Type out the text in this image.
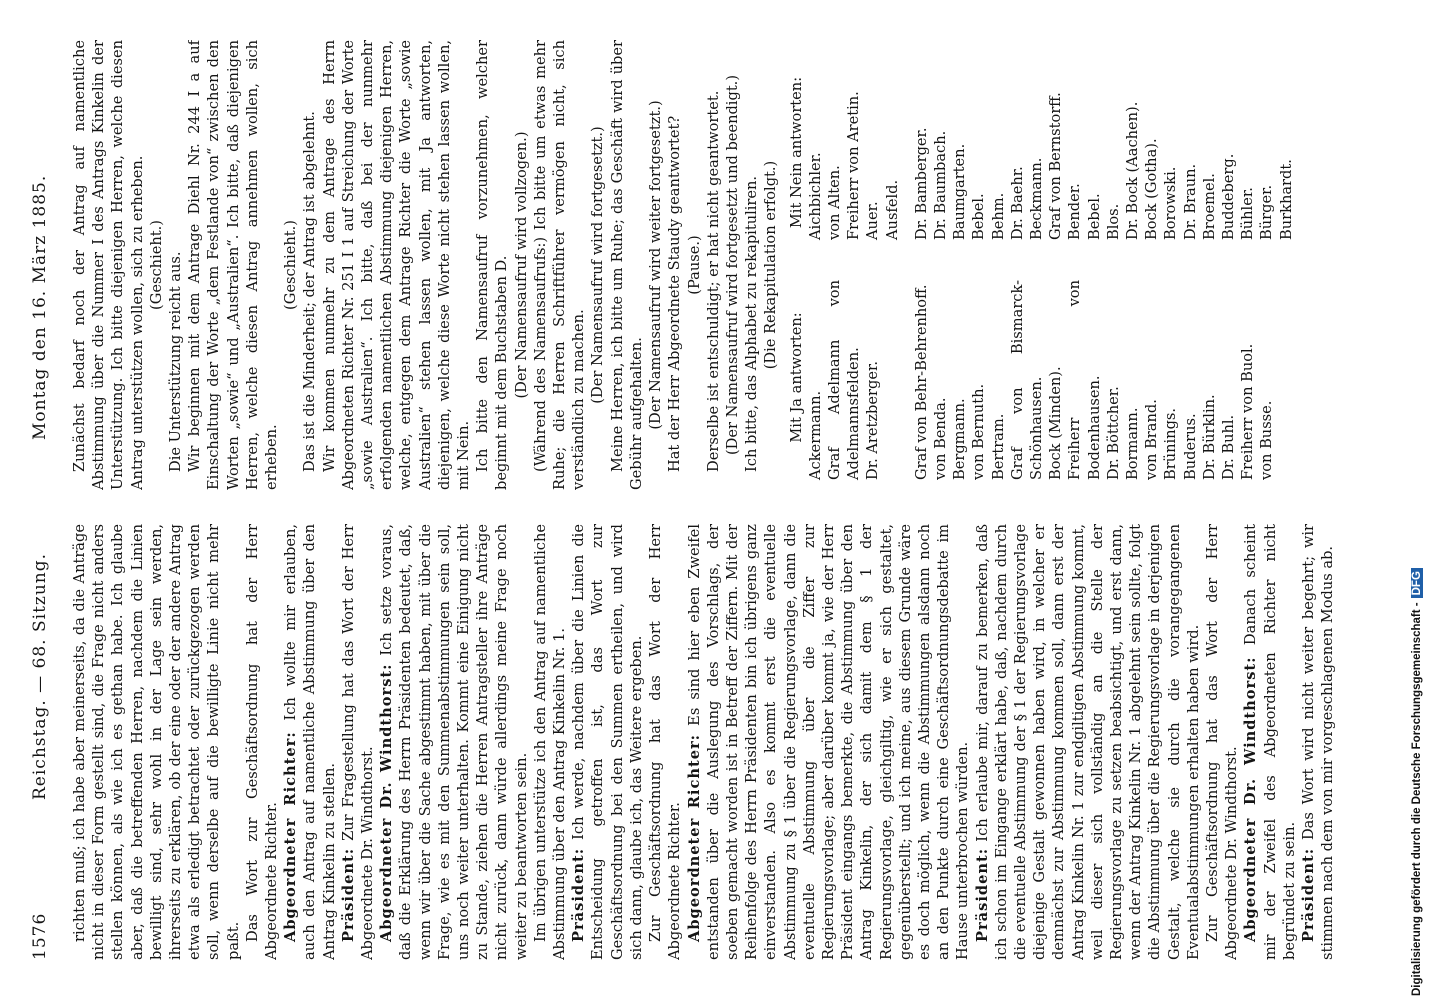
1576
Reichstag. — 68. Sitzung.
Montag den 16. März 1885.

richten muß; ich habe aber meinerseits, da die Anträge nicht in dieser Form gestellt sind, die Frage nicht anders stellen können, als wie ich es gethan habe. Ich glaube aber, daß die betreffenden Herren, nachdem die Linien bewilligt sind, sehr wohl in der Lage sein werden, ihrerseits zu erklären, ob der eine oder der andere Antrag etwa als erledigt betrachtet oder zurückgezogen werden soll, wenn derselbe auf die bewilligte Linie nicht mehr paßt. Das Wort zur Geschäftsordnung hat der Herr Abgeordnete Richter. Abgeordneter Richter: Ich wollte mir erlauben, auch den Antrag auf namentliche Abstimmung über den Antrag Kinkelin zu stellen. Präsident: Zur Fragestellung hat das Wort der Herr Abgeordnete Dr. Windthorst. Abgeordneter Dr. Windthorst: Ich setze voraus, daß die Erklärung des Herrn Präsidenten bedeutet, daß, wenn wir über die Sache abgestimmt haben, mit über die Frage, wie es mit den Summenabstimmungen sein soll, uns noch weiter unterhalten. Kommt eine Einigung nicht zu Stande, ziehen die Herren Antragsteller ihre Anträge nicht zurück, dann würde allerdings meine Frage noch weiter zu beantworten sein. Im übrigen unterstütze ich den Antrag auf namentliche Abstimmung über den Antrag Kinkelin Nr. 1. Präsident: Ich werde, nachdem über die Linien die Entscheidung getroffen ist, das Wort zur Geschäftsordnung bei den Summen ertheilen, und wird sich dann, glaube ich, das Weitere ergeben. Zur Geschäftsordnung hat das Wort der Herr Abgeordnete Richter. Abgeordneter Richter: Es sind hier eben Zweifel entstanden über die Auslegung des Vorschlags, der soeben gemacht worden ist in Betreff der Ziffern. Mit der Reihenfolge des Herrn Präsidenten bin ich übrigens ganz einverstanden. Also es kommt erst die eventuelle Abstimmung zu § 1 über die Regierungsvorlage, dann die eventuelle Abstimmung über die Ziffer zur Regierungsvorlage; aber darüber kommt ja, wie der Herr Präsident eingangs bemerkte, die Abstimmung über den Antrag Kinkelin, der sich damit dem § 1 der Regierungsvorlage, gleichgiltig, wie er sich gestaltet, gegenüberstellt; und ich meine, aus diesem Grunde wäre es doch möglich, wenn die Abstimmungen alsdann noch an den Punkte durch eine Geschäftsordnungsdebatte im Hause unterbrochen würden. Präsident: Ich erlaube mir, darauf zu bemerken, daß ich schon im Eingange erklärt habe, daß, nachdem durch die eventuelle Abstimmung der § 1 der Regierungsvorlage diejenige Gestalt gewonnen haben wird, in welcher er demnächst zur Abstimmung kommen soll, dann erst der Antrag Kinkelin Nr. 1 zur endgiltigen Abstimmung kommt, weil dieser sich vollständig an die Stelle der Regierungsvorlage zu setzen beabsichtigt, und erst dann, wenn der Antrag Kinkelin Nr. 1 abgelehnt sein sollte, folgt die Abstimmung über die Regierungsvorlage in derjenigen Gestalt, welche sie durch die vorangegangenen Eventualabstimmungen erhalten haben wird. Zur Geschäftsordnung hat das Wort der Herr Abgeordnete Dr. Windthorst. Abgeordneter Dr. Windthorst: Danach scheint mir der Zweifel des Abgeordneten Richter nicht begründet zu sein. Präsident: Das Wort wird nicht weiter begehrt; wir stimmen nach dem von mir vorgeschlagenen Modus ab.

Zunächst bedarf noch der Antrag auf namentliche Abstimmung über die Nummer I des Antrags Kinkelin der Unterstützung. Ich bitte diejenigen Herren, welche diesen Antrag unterstützen wollen, sich zu erheben. (Geschieht.) Die Unterstützung reicht aus. Wir beginnen mit dem Antrage Diehl Nr. 244 I a auf Einschaltung der Worte „dem Festlande von“ zwischen den Worten „sowie“ und „Australien“. Ich bitte, daß diejenigen Herren, welche diesen Antrag annehmen wollen, sich erheben.

(Geschieht.) Das ist die Minderheit; der Antrag ist abgelehnt. Wir kommen nunmehr zu dem Antrage des Herrn Abgeordneten Richter Nr. 251 I 1 auf Streichung der Worte „sowie Australien“. Ich bitte, daß bei der nunmehr erfolgenden namentlichen Abstimmung diejenigen Herren, welche, entgegen dem Antrage Richter die Worte „sowie Australien“ stehen lassen wollen, mit Ja antworten, diejenigen, welche diese Worte nicht stehen lassen wollen, mit Nein. Ich bitte den Namensaufruf vorzunehmen, welcher beginnt mit dem Buchstaben D. (Der Namensaufruf wird vollzogen.) (Während des Namensaufrufs:) Ich bitte um etwas mehr Ruhe; die Herren Schriftführer vermögen nicht, sich verständlich zu machen. (Der Namensaufruf wird fortgesetzt.) Meine Herren, ich bitte um Ruhe; das Geschäft wird über Gebühr aufgehalten. (Der Namensaufruf wird weiter fortgesetzt.) Hat der Herr Abgeordnete Staudy geantwortet? (Pause.) Derselbe ist entschuldigt; er hat nicht geantwortet. (Der Namensaufruf wird fortgesetzt und beendigt.) Ich bitte, das Alphabet zu rekapituliren. (Die Rekapitulation erfolgt.)

Mit Ja antworten:

Mit Nein antworten:

Ackermann. Graf Adelmann von Adelmannsfelden. Dr. Aretzberger.
Aichbichler. von Alten. Freiherr von Aretin. Auer. Ausfeld.
Graf von Behr-Behrenhoff. von Benda. Bergmann. von Bernuth. Bertram. Graf von Bismarck-Schönhausen. Bock (Minden). Freiherr von Bodenhausen. Dr. Böttcher. Bormann. von Brand. Brünings. Buderus. Dr. Bürklin. Dr. Buhl. Freiherr von Buol. von Busse.
Dr. Bamberger. Dr. Baumbach. Baumgarten. Bebel. Behm. Dr. Baehr. Beckmann. Graf von Bernstorff. Bender. Bebel. Blos. Dr. Bock (Aachen). Bock (Gotha). Borowski. Dr. Braun. Broemel. Buddeberg. Bühler. Bürger. Burkhardt.
Digitalisierung gefördert durch die Deutsche Forschungsgemeinschaft -DFG
